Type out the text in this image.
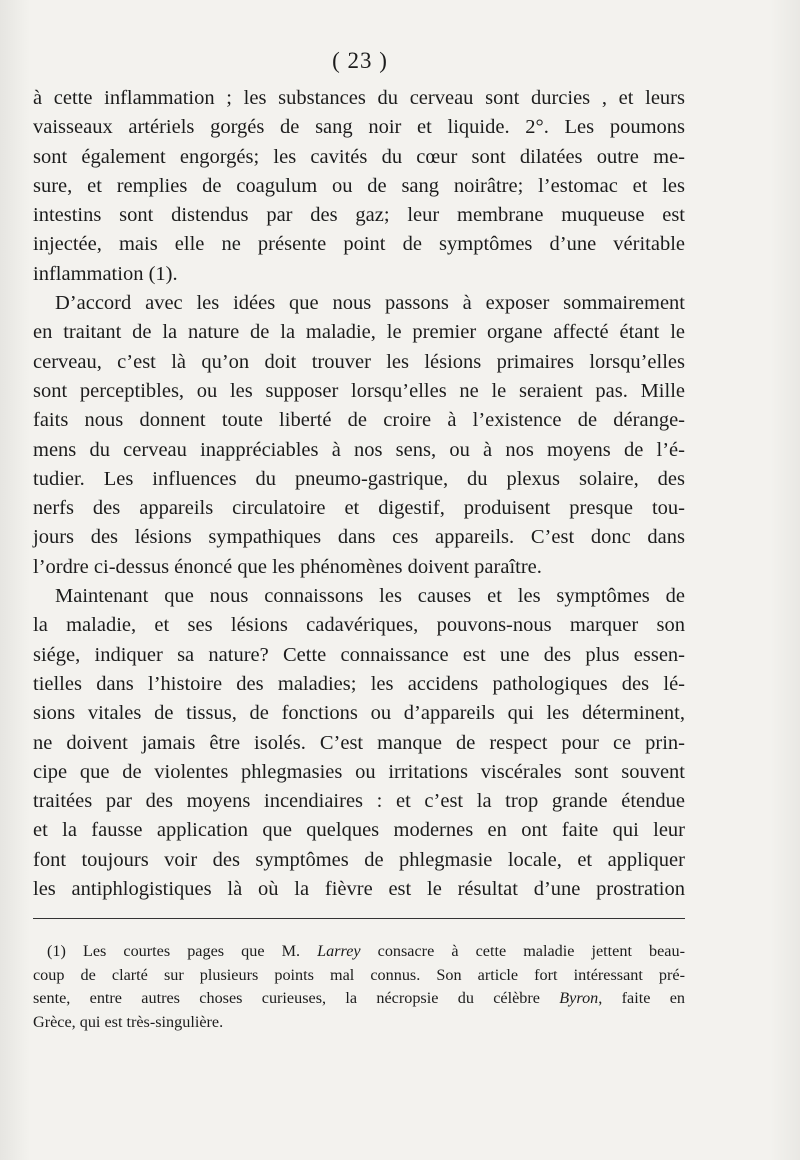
( 23 )
à cette inflammation ; les substances du cerveau sont durcies , et leurs
vaisseaux artériels gorgés de sang noir et liquide. 2°. Les poumons
sont également engorgés; les cavités du cœur sont dilatées outre me-
sure, et remplies de coagulum ou de sang noirâtre; l’estomac et les
intestins sont distendus par des gaz; leur membrane muqueuse est
injectée, mais elle ne présente point de symptômes d’une véritable
inflammation (1).
D’accord avec les idées que nous passons à exposer sommairement
en traitant de la nature de la maladie, le premier organe affecté étant le
cerveau, c’est là qu’on doit trouver les lésions primaires lorsqu’elles
sont perceptibles, ou les supposer lorsqu’elles ne le seraient pas. Mille
faits nous donnent toute liberté de croire à l’existence de dérange-
mens du cerveau inappréciables à nos sens, ou à nos moyens de l’é-
tudier. Les influences du pneumo-gastrique, du plexus solaire, des
nerfs des appareils circulatoire et digestif, produisent presque tou-
jours des lésions sympathiques dans ces appareils. C’est donc dans
l’ordre ci-dessus énoncé que les phénomènes doivent paraître.
Maintenant que nous connaissons les causes et les symptômes de
la maladie, et ses lésions cadavériques, pouvons-nous marquer son
siége, indiquer sa nature? Cette connaissance est une des plus essen-
tielles dans l’histoire des maladies; les accidens pathologiques des lé-
sions vitales de tissus, de fonctions ou d’appareils qui les déterminent,
ne doivent jamais être isolés. C’est manque de respect pour ce prin-
cipe que de violentes phlegmasies ou irritations viscérales sont souvent
traitées par des moyens incendiaires : et c’est la trop grande étendue
et la fausse application que quelques modernes en ont faite qui leur
font toujours voir des symptômes de phlegmasie locale, et appliquer
les antiphlogistiques là où la fièvre est le résultat d’une prostration
(1) Les courtes pages que M. Larrey consacre à cette maladie jettent beau-
coup de clarté sur plusieurs points mal connus. Son article fort intéressant pré-
sente, entre autres choses curieuses, la nécropsie du célèbre Byron, faite en
Grèce, qui est très-singulière.
